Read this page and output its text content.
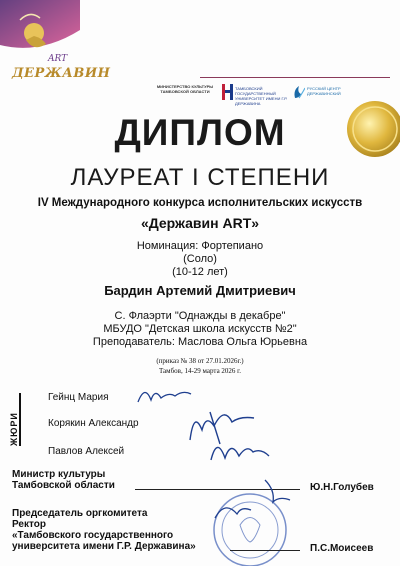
ART
ДЕРЖАВИН
МИНИСТЕРСТВО КУЛЬТУРЫ ТАМБОВСКОЙ ОБЛАСТИ
ТАМБОВСКИЙ ГОСУДАРСТВЕННЫЙ УНИВЕРСИТЕТ ИМЕНИ Г.Р. ДЕРЖАВИНА
РУССКИЙ ЦЕНТР ДЕРЖАВИНСКИЙ
ДИПЛОМ
ЛАУРЕАТ I СТЕПЕНИ
IV Международного конкурса исполнительских искусств
«Державин ART»
Номинация: Фортепиано
(Соло)
(10-12 лет)
Бардин Артемий Дмитриевич
С. Флаэрти "Однажды в декабре"
МБУДО "Детская школа искусств №2"
Преподаватель: Маслова Ольга Юрьевна
(приказ № 38 от 27.01.2026г.)
Тамбов, 14-29 марта 2026 г.
ЖЮРИ
Гейнц Мария
Корякин Александр
Павлов Алексей
Министр культуры
Тамбовской области	Ю.Н.Голубев
Председатель оргкомитета
Ректор
«Тамбовского государственного
университета имени Г.Р. Державина»	П.С.Моисеев
